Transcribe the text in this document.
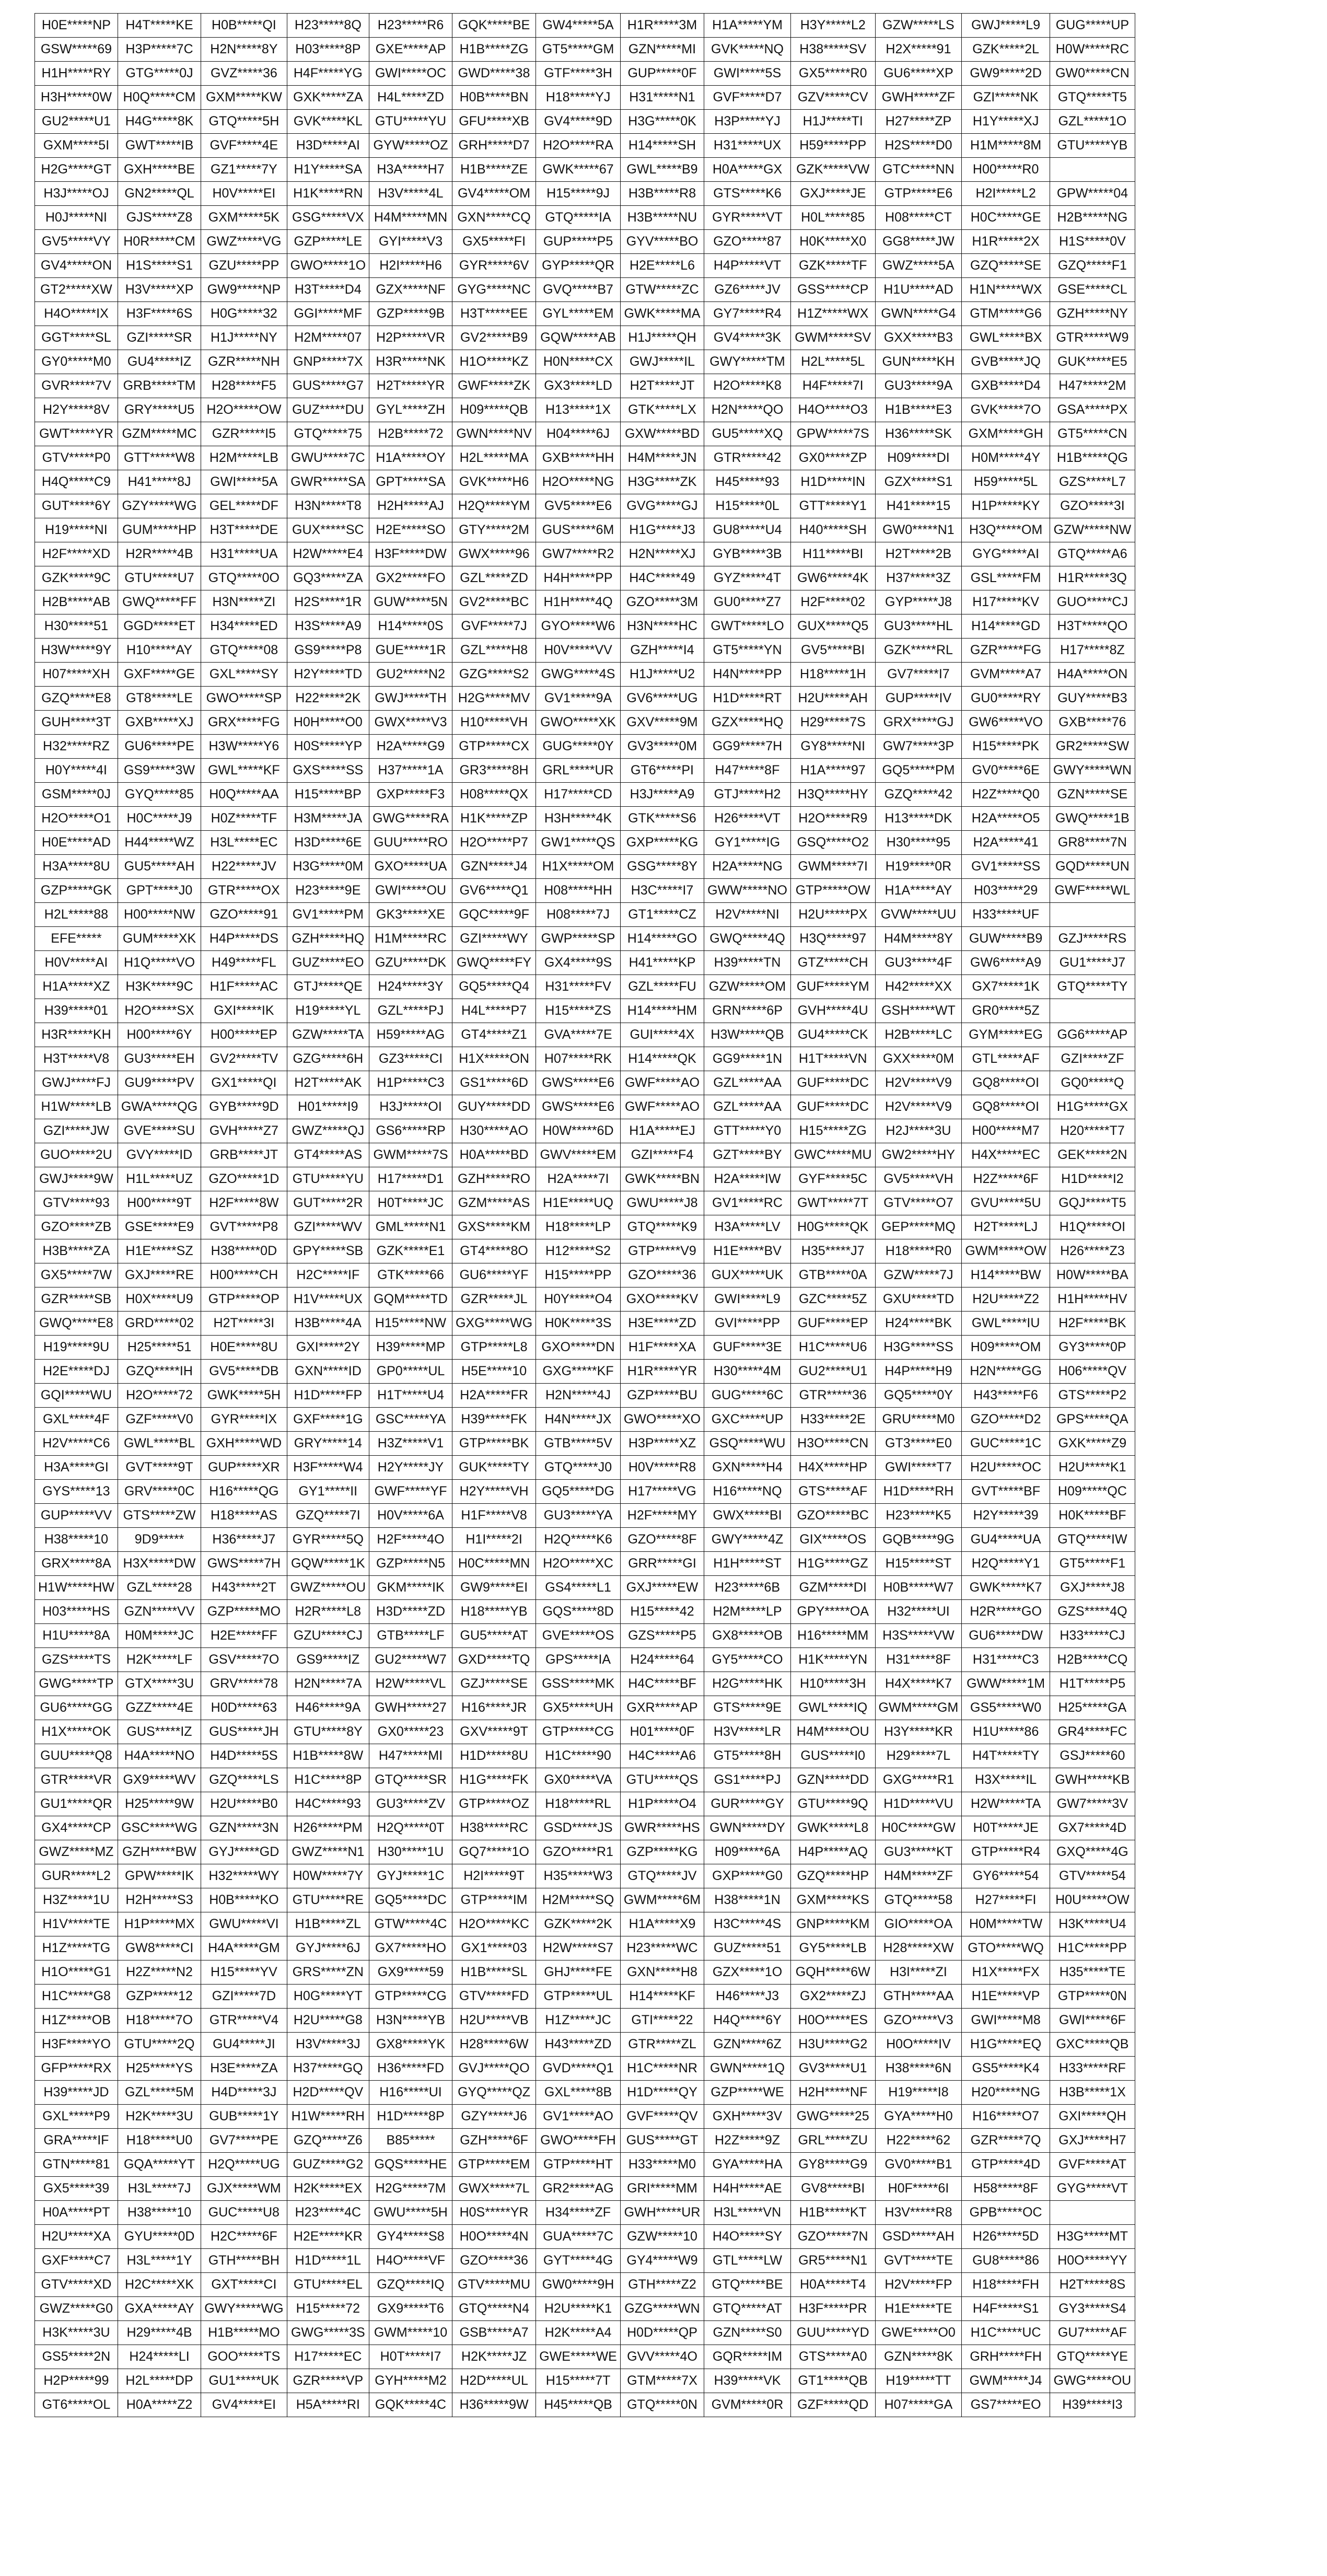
H0E*****NP	H4T*****KE	H0B*****QI	H23*****8Q	H23*****R6	GQK*****BE	GW4*****5A	H1R*****3M	H1A*****YM	H3Y*****L2	GZW*****LS	GWJ*****L9	GUG*****UP
GSW*****69	H3P*****7C	H2N*****8Y	H03*****8P	GXE*****AP	H1B*****ZG	GT5*****GM	GZN*****MI	GVK*****NQ	H38*****SV	H2X*****91	GZK*****2L	H0W*****RC
H1H*****RY	GTG*****0J	GVZ*****36	H4F*****YG	GWI*****OC	GWD*****38	GTF*****3H	GUP*****0F	GWI*****5S	GX5*****R0	GU6*****XP	GW9*****2D	GW0*****CN
H3H*****0W	H0Q*****CM	GXM*****KW	GXK*****ZA	H4L*****ZD	H0B*****BN	H18*****YJ	H31*****N1	GVF*****D7	GZV*****CV	GWH*****ZF	GZI*****NK	GTQ*****T5
GU2*****U1	H4G*****8K	GTQ*****5H	GVK*****KL	GTU*****YU	GFU*****XB	GV4*****9D	H3G*****0K	H3P*****YJ	H1J*****TI	H27*****ZP	H1Y*****XJ	GZL*****1O
GXM*****5I	GWT*****IB	GVF*****4E	H3D*****AI	GYW*****OZ	GRH*****D7	H2O*****RA	H14*****SH	H31*****UX	H59*****PP	H2S*****D0	H1M*****8M	GTU*****YB
H2G*****GT	GXH*****BE	GZ1*****7Y	H1Y*****SA	H3A*****H7	H1B*****ZE	GWK*****67	GWL*****B9	H0A*****GX	GZK*****VW	GTC*****NN	H00*****R0	
H3J*****OJ	GN2*****QL	H0V*****EI	H1K*****RN	H3V*****4L	GV4*****OM	H15*****9J	H3B*****R8	GTS*****K6	GXJ*****JE	GTP*****E6	H2I*****L2	GPW*****04
H0J*****NI	GJS*****Z8	GXM*****5K	GSG*****VX	H4M*****MN	GXN*****CQ	GTQ*****IA	H3B*****NU	GYR*****VT	H0L*****85	H08*****CT	H0C*****GE	H2B*****NG
GV5*****VY	H0R*****CM	GWZ*****VG	GZP*****LE	GYI*****V3	GX5*****FI	GUP*****P5	GYV*****BO	GZO*****87	H0K*****X0	GG8*****JW	H1R*****2X	H1S*****0V
GV4*****ON	H1S*****S1	GZU*****PP	GWO*****1O	H2I*****H6	GYR*****6V	GYP*****QR	H2E*****L6	H4P*****VT	GZK*****TF	GWZ*****5A	GZQ*****SE	GZQ*****F1
GT2*****XW	H3V*****XP	GW9*****NP	H3T*****D4	GZX*****NF	GYG*****NC	GVQ*****B7	GTW*****ZC	GZ6*****JV	GSS*****CP	H1U*****AD	H1N*****WX	GSE*****CL
H4O*****IX	H3F*****6S	H0G*****32	GGI*****MF	GZP*****9B	H3T*****EE	GYL*****EM	GWK*****MA	GY7*****R4	H1Z*****WX	GWN*****G4	GTM*****G6	GZH*****NY
GGT*****SL	GZI*****SR	H1J*****NY	H2M*****07	H2P*****VR	GV2*****B9	GQW*****AB	H1J*****QH	GV4*****3K	GWM*****SV	GXX*****B3	GWL*****BX	GTR*****W9
GY0*****M0	GU4*****IZ	GZR*****NH	GNP*****7X	H3R*****NK	H1O*****KZ	H0N*****CX	GWJ*****IL	GWY*****TM	H2L*****5L	GUN*****KH	GVB*****JQ	GUK*****E5
GVR*****7V	GRB*****TM	H28*****F5	GUS*****G7	H2T*****YR	GWF*****ZK	GX3*****LD	H2T*****JT	H2O*****K8	H4F*****7I	GU3*****9A	GXB*****D4	H47*****2M
H2Y*****8V	GRY*****U5	H2O*****OW	GUZ*****DU	GYL*****ZH	H09*****QB	H13*****1X	GTK*****LX	H2N*****QO	H4O*****O3	H1B*****E3	GVK*****7O	GSA*****PX
GWT*****YR	GZM*****MC	GZR*****I5	GTQ*****75	H2B*****72	GWN*****NV	H04*****6J	GXW*****BD	GU5*****XQ	GPW*****7S	H36*****SK	GXM*****GH	GT5*****CN
GTV*****P0	GTT*****W8	H2M*****LB	GWU*****7C	H1A*****OY	H2L*****MA	GXB*****HH	H4M*****JN	GTR*****42	GX0*****ZP	H09*****DI	H0M*****4Y	H1B*****QG
H4Q*****C9	H41*****8J	GWI*****5A	GWR*****SA	GPT*****SA	GVK*****H6	H2O*****NG	H3G*****ZK	H45*****93	H1D*****IN	GZX*****S1	H59*****5L	GZS*****L7
GUT*****6Y	GZY*****WG	GEL*****DF	H3N*****T8	H2H*****AJ	H2Q*****YM	GV5*****E6	GVG*****GJ	H15*****0L	GTT*****Y1	H41*****15	H1P*****KY	GZO*****3I
H19*****NI	GUM*****HP	H3T*****DE	GUX*****SC	H2E*****SO	GTY*****2M	GUS*****6M	H1G*****J3	GU8*****U4	H40*****SH	GW0*****N1	H3Q*****OM	GZW*****NW
H2F*****XD	H2R*****4B	H31*****UA	H2W*****E4	H3F*****DW	GWX*****96	GW7*****R2	H2N*****XJ	GYB*****3B	H11*****BI	H2T*****2B	GYG*****AI	GTQ*****A6
GZK*****9C	GTU*****U7	GTQ*****0O	GQ3*****ZA	GX2*****FO	GZL*****ZD	H4H*****PP	H4C*****49	GYZ*****4T	GW6*****4K	H37*****3Z	GSL*****FM	H1R*****3Q
H2B*****AB	GWQ*****FF	H3N*****ZI	H2S*****1R	GUW*****5N	GV2*****BC	H1H*****4Q	GZO*****3M	GU0*****Z7	H2F*****02	GYP*****J8	H17*****KV	GUO*****CJ
H30*****51	GGD*****ET	H34*****ED	H3S*****A9	H14*****0S	GVF*****7J	GYO*****W6	H3N*****HC	GWT*****LO	GUX*****Q5	GU3*****HL	H14*****GD	H3T*****QO
H3W*****9Y	H10*****AY	GTQ*****08	GS9*****P8	GUE*****1R	GZL*****H8	H0V*****VV	GZH*****I4	GT5*****YN	GV5*****BI	GZK*****RL	GZR*****FG	H17*****8Z
H07*****XH	GXF*****GE	GXL*****SY	H2Y*****TD	GU2*****N2	GZG*****S2	GWG*****4S	H1J*****U2	H4N*****PP	H18*****1H	GV7*****I7	GVM*****A7	H4A*****ON
GZQ*****E8	GT8*****LE	GWO*****SP	H22*****2K	GWJ*****TH	H2G*****MV	GV1*****9A	GV6*****UG	H1D*****RT	H2U*****AH	GUP*****IV	GU0*****RY	GUY*****B3
GUH*****3T	GXB*****XJ	GRX*****FG	H0H*****O0	GWX*****V3	H10*****VH	GWO*****XK	GXV*****9M	GZX*****HQ	H29*****7S	GRX*****GJ	GW6*****VO	GXB*****76
H32*****RZ	GU6*****PE	H3W*****Y6	H0S*****YP	H2A*****G9	GTP*****CX	GUG*****0Y	GV3*****0M	GG9*****7H	GY8*****NI	GW7*****3P	H15*****PK	GR2*****SW
H0Y*****4I	GS9*****3W	GWL*****KF	GXS*****SS	H37*****1A	GR3*****8H	GRL*****UR	GT6*****PI	H47*****8F	H1A*****97	GQ5*****PM	GV0*****6E	GWY*****WN
GSM*****0J	GYQ*****85	H0Q*****AA	H15*****BP	GXP*****F3	H08*****QX	H17*****CD	H3J*****A9	GTJ*****H2	H3Q*****HY	GZQ*****42	H2Z*****Q0	GZN*****SE
H2O*****O1	H0C*****J9	H0Z*****TF	H3M*****JA	GWG*****RA	H1K*****ZP	H3H*****4K	GTK*****S6	H26*****VT	H2O*****R9	H13*****DK	H2A*****O5	GWQ*****1B
H0E*****AD	H44*****WZ	H3L*****EC	H3D*****6E	GUU*****RO	H2O*****P7	GW1*****QS	GXP*****KG	GY1*****IG	GSQ*****O2	H30*****95	H2A*****41	GR8*****7N
H3A*****8U	GU5*****AH	H22*****JV	H3G*****0M	GXO*****UA	GZN*****J4	H1X*****OM	GSG*****8Y	H2A*****NG	GWM*****7I	H19*****0R	GV1*****SS	GQD*****UN
GZP*****GK	GPT*****J0	GTR*****OX	H23*****9E	GWI*****OU	GV6*****Q1	H08*****HH	H3C*****I7	GWW*****NO	GTP*****OW	H1A*****AY	H03*****29	GWF*****WL
H2L*****88	H00*****NW	GZO*****91	GV1*****PM	GK3*****XE	GQC*****9F	H08*****7J	GT1*****CZ	H2V*****NI	H2U*****PX	GVW*****UU	H33*****UF	
EFE*****	GUM*****XK	H4P*****DS	GZH*****HQ	H1M*****RC	GZI*****WY	GWP*****SP	H14*****GO	GWQ*****4Q	H3Q*****97	H4M*****8Y	GUW*****B9	GZJ*****RS
H0V*****AI	H1Q*****VO	H49*****FL	GUZ*****EO	GZU*****DK	GWQ*****FY	GX4*****9S	H41*****KP	H39*****TN	GTZ*****CH	GU3*****4F	GW6*****A9	GU1*****J7
H1A*****XZ	H3K*****9C	H1F*****AC	GTJ*****QE	H24*****3Y	GQ5*****Q4	H31*****FV	GZL*****FU	GZW*****OM	GUF*****YM	H42*****XX	GX7*****1K	GTQ*****TY
H39*****01	H2O*****SX	GXI*****IK	H19*****YL	GZL*****PJ	H4L*****P7	H15*****ZS	H14*****HM	GRN*****6P	GVH*****4U	GSH*****WT	GR0*****5Z	
H3R*****KH	H00*****6Y	H00*****EP	GZW*****TA	H59*****AG	GT4*****Z1	GVA*****7E	GUI*****4X	H3W*****QB	GU4*****CK	H2B*****LC	GYM*****EG	GG6*****AP
H3T*****V8	GU3*****EH	GV2*****TV	GZG*****6H	GZ3*****CI	H1X*****ON	H07*****RK	H14*****QK	GG9*****1N	H1T*****VN	GXX*****0M	GTL*****AF	GZI*****ZF
GWJ*****FJ	GU9*****PV	GX1*****QI	H2T*****AK	H1P*****C3	GS1*****6D	GWS*****E6	GWF*****AO	GZL*****AA	GUF*****DC	H2V*****V9	GQ8*****OI	GQ0*****Q
H1W*****LB	GWA*****QG	GYB*****9D	H01*****I9	H3J*****OI	GUY*****DD	GWS*****E6	GWF*****AO	GZL*****AA	GUF*****DC	H2V*****V9	GQ8*****OI	H1G*****GX
GZI*****JW	GVE*****SU	GVH*****Z7	GWZ*****QJ	GS6*****RP	H30*****AO	H0W*****6D	H1A*****EJ	GTT*****Y0	H15*****ZG	H2J*****3U	H00*****M7	H20*****T7
GUO*****2U	GVY*****ID	GRB*****JT	GT4*****AS	GWM*****7S	H0A*****BD	GWV*****EM	GZI*****F4	GZT*****BY	GWC*****MU	GW2*****HY	H4X*****EC	GEK*****2N
GWJ*****9W	H1L*****UZ	GZO*****1D	GTU*****YU	H17*****D1	GZH*****RO	H2A*****7I	GWK*****BN	H2A*****IW	GYF*****5C	GV5*****VH	H2Z*****6F	H1D*****I2
GTV*****93	H00*****9T	H2F*****8W	GUT*****2R	H0T*****JC	GZM*****AS	H1E*****UQ	GWU*****J8	GV1*****RC	GWT*****7T	GTV*****O7	GVU*****5U	GQJ*****T5
GZO*****ZB	GSE*****E9	GVT*****P8	GZI*****WV	GML*****N1	GXS*****KM	H18*****LP	GTQ*****K9	H3A*****LV	H0G*****QK	GEP*****MQ	H2T*****LJ	H1Q*****OI
H3B*****ZA	H1E*****SZ	H38*****0D	GPY*****SB	GZK*****E1	GT4*****8O	H12*****S2	GTP*****V9	H1E*****BV	H35*****J7	H18*****R0	GWM*****OW	H26*****Z3
GX5*****7W	GXJ*****RE	H00*****CH	H2C*****IF	GTK*****66	GU6*****YF	H15*****PP	GZO*****36	GUX*****UK	GTB*****0A	GZW*****7J	H14*****BW	H0W*****BA
GZR*****SB	H0X*****U9	GTP*****OP	H1V*****UX	GQM*****TD	GZR*****JL	H0Y*****O4	GXO*****KV	GWI*****L9	GZC*****5Z	GXU*****TD	H2U*****Z2	H1H*****HV
GWQ*****E8	GRD*****02	H2T*****3I	H3B*****4A	H15*****NW	GXG*****WG	H0K*****3S	H3E*****ZD	GVI*****PP	GUF*****EP	H24*****BK	GWL*****IU	H2F*****BK
H19*****9U	H25*****51	H0E*****8U	GXI*****2Y	H39*****MP	GTP*****L8	GXO*****DN	H1F*****XA	GUF*****3E	H1C*****U6	H3G*****SS	H09*****OM	GY3*****0P
H2E*****DJ	GZQ*****IH	GV5*****DB	GXN*****ID	GP0*****UL	H5E*****10	GXG*****KF	H1R*****YR	H30*****4M	GU2*****U1	H4P*****H9	H2N*****GG	H06*****QV
GQI*****WU	H2O*****72	GWK*****5H	H1D*****FP	H1T*****U4	H2A*****FR	H2N*****4J	GZP*****BU	GUG*****6C	GTR*****36	GQ5*****0Y	H43*****F6	GTS*****P2
GXL*****4F	GZF*****V0	GYR*****IX	GXF*****1G	GSC*****YA	H39*****FK	H4N*****JX	GWO*****XO	GXC*****UP	H33*****2E	GRU*****M0	GZO*****D2	GPS*****QA
H2V*****C6	GWL*****BL	GXH*****WD	GRY*****14	H3Z*****V1	GTP*****BK	GTB*****5V	H3P*****XZ	GSQ*****WU	H3O*****CN	GT3*****E0	GUC*****1C	GXK*****Z9
H3A*****GI	GVT*****9T	GUP*****XR	H3F*****W4	H2Y*****JY	GUK*****TY	GTQ*****J0	H0V*****R8	GXN*****H4	H4X*****HP	GWI*****T7	H2U*****OC	H2U*****K1
GYS*****13	GRV*****0C	H16*****QG	GY1*****II	GWF*****YF	H2Y*****VH	GQ5*****DG	H17*****VG	H16*****NQ	GTS*****AF	H1D*****RH	GVT*****BF	H09*****QC
GUP*****VV	GTS*****ZW	H18*****AS	GZQ*****7I	H0V*****6A	H1F*****V8	GU3*****YA	H2F*****MY	GWX*****BI	GZO*****BC	H23*****K5	H2Y*****39	H0K*****BF
H38*****10	9D9*****	H36*****J7	GYR*****5Q	H2F*****4O	H1I*****2I	H2Q*****K6	GZO*****8F	GWY*****4Z	GIX*****OS	GQB*****9G	GU4*****UA	GTQ*****IW
GRX*****8A	H3X*****DW	GWS*****7H	GQW*****1K	GZP*****N5	H0C*****MN	H2O*****XC	GRR*****GI	H1H*****ST	H1G*****GZ	H15*****ST	H2Q*****Y1	GT5*****F1
H1W*****HW	GZL*****28	H43*****2T	GWZ*****OU	GKM*****IK	GW9*****EI	GS4*****L1	GXJ*****EW	H23*****6B	GZM*****DI	H0B*****W7	GWK*****K7	GXJ*****J8
H03*****HS	GZN*****VV	GZP*****MO	H2R*****L8	H3D*****ZD	H18*****YB	GQS*****8D	H15*****42	H2M*****LP	GPY*****OA	H32*****UI	H2R*****GO	GZS*****4Q
H1U*****8A	H0M*****JC	H2E*****FF	GZU*****CJ	GTB*****LF	GU5*****AT	GVE*****OS	GZS*****P5	GX8*****OB	H16*****MM	H3S*****VW	GU6*****DW	H33*****CJ
GZS*****TS	H2K*****LF	GSV*****7O	GS9*****IZ	GU2*****W7	GXD*****TQ	GPS*****IA	H24*****64	GY5*****CO	H1K*****YN	H31*****8F	H31*****C3	H2B*****CQ
GWG*****TP	GTX*****3U	GRV*****78	H2N*****7A	H2W*****VL	GZJ*****SE	GSS*****MK	H4C*****BF	H2G*****HK	H10*****3H	H4X*****K7	GWW*****1M	H1T*****P5
GU6*****GG	GZZ*****4E	H0D*****63	H46*****9A	GWH*****27	H16*****JR	GX5*****UH	GXR*****AP	GTS*****9E	GWL*****IQ	GWM*****GM	GS5*****W0	H25*****GA
H1X*****OK	GUS*****IZ	GUS*****JH	GTU*****8Y	GX0*****23	GXV*****9T	GTP*****CG	H01*****0F	H3V*****LR	H4M*****OU	H3Y*****KR	H1U*****86	GR4*****FC
GUU*****Q8	H4A*****NO	H4D*****5S	H1B*****8W	H47*****MI	H1D*****8U	H1C*****90	H4C*****A6	GT5*****8H	GUS*****I0	H29*****7L	H4T*****TY	GSJ*****60
GTR*****VR	GX9*****WV	GZQ*****LS	H1C*****8P	GTQ*****SR	H1G*****FK	GX0*****VA	GTU*****QS	GS1*****PJ	GZN*****DD	GXG*****R1	H3X*****IL	GWH*****KB
GU1*****QR	H25*****9W	H2U*****B0	H4C*****93	GU3*****ZV	GTP*****OZ	H18*****RL	H1P*****O4	GUR*****GY	GTU*****9Q	H1D*****VU	H2W*****TA	GW7*****3V
GX4*****CP	GSC*****WG	GZN*****3N	H26*****PM	H2Q*****0T	H38*****RC	GSD*****JS	GWR*****HS	GWN*****DY	GWK*****L8	H0C*****GW	H0T*****JE	GX7*****4D
GWZ*****MZ	GZH*****BW	GYJ*****GD	GWZ*****N1	H30*****1U	GQ7*****1O	GZO*****R1	GZP*****KG	H09*****6A	H4P*****AQ	GU3*****KT	GTP*****R4	GXQ*****4G
GUR*****L2	GPW*****IK	H32*****WY	H0W*****7Y	GYJ*****1C	H2I*****9T	H35*****W3	GTQ*****JV	GXP*****G0	GZQ*****HP	H4M*****ZF	GY6*****54	GTV*****54
H3Z*****1U	H2H*****S3	H0B*****KO	GTU*****RE	GQ5*****DC	GTP*****IM	H2M*****SQ	GWM*****6M	H38*****1N	GXM*****KS	GTQ*****58	H27*****FI	H0U*****OW
H1V*****TE	H1P*****MX	GWU*****VI	H1B*****ZL	GTW*****4C	H2O*****KC	GZK*****2K	H1A*****X9	H3C*****4S	GNP*****KM	GIO*****OA	H0M*****TW	H3K*****U4
H1Z*****TG	GW8*****CI	H4A*****GM	GYJ*****6J	GX7*****HO	GX1*****03	H2W*****S7	H23*****WC	GUZ*****51	GY5*****LB	H28*****XW	GTO*****WQ	H1C*****PP
H1O*****G1	H2Z*****N2	H15*****YV	GRS*****ZN	GX9*****59	H1B*****SL	GHJ*****FE	GXN*****H8	GZX*****1O	GQH*****6W	H3I*****ZI	H1X*****FX	H35*****TE
H1C*****G8	GZP*****12	GZI*****7D	H0G*****YT	GTP*****CG	GTV*****FD	GTP*****UL	H14*****KF	H46*****J3	GX2*****ZJ	GTH*****AA	H1E*****VP	GTP*****0N
H1Z*****OB	H18*****7O	GTR*****V4	H2U*****G8	H3N*****YB	H2U*****VB	H1Z*****JC	GTI*****22	H4Q*****6Y	H0O*****ES	GZO*****V3	GWI*****M8	GWI*****6F
H3F*****YO	GTU*****2Q	GU4*****JI	H3V*****3J	GX8*****YK	H28*****6W	H43*****ZD	GTR*****ZL	GZN*****6Z	H3U*****G2	H0O*****IV	H1G*****EQ	GXC*****QB
GFP*****RX	H25*****YS	H3E*****ZA	H37*****GQ	H36*****FD	GVJ*****QO	GVD*****Q1	H1C*****NR	GWN*****1Q	GV3*****U1	H38*****6N	GS5*****K4	H33*****RF
H39*****JD	GZL*****5M	H4D*****3J	H2D*****QV	H16*****UI	GYQ*****QZ	GXL*****8B	H1D*****QY	GZP*****WE	H2H*****NF	H19*****I8	H20*****NG	H3B*****1X
GXL*****P9	H2K*****3U	GUB*****1Y	H1W*****RH	H1D*****8P	GZY*****J6	GV1*****AO	GVF*****QV	GXH*****3V	GWG*****25	GYA*****H0	H16*****O7	GXI*****QH
GRA*****IF	H18*****U0	GV7*****PE	GZQ*****Z6	B85*****	GZH*****6F	GWO*****FH	GUS*****GT	H2Z*****9Z	GRL*****ZU	H22*****62	GZR*****7Q	GXJ*****H7
GTN*****81	GQA*****YT	H2Q*****UG	GUZ*****G2	GQS*****HE	GTP*****EM	GTP*****HT	H33*****M0	GYA*****HA	GY8*****G9	GV0*****B1	GTP*****4D	GVF*****AT
GX5*****39	H3L*****7J	GJX*****WM	H2K*****EX	H2G*****7M	GWX*****7L	GR2*****AG	GRI*****MM	H4H*****AE	GV8*****BI	H0F*****6I	H58*****8F	GYG*****VT
H0A*****PT	H38*****10	GUC*****U8	H23*****4C	GWU*****5H	H0S*****YR	H34*****ZF	GWH*****UR	H3L*****VN	H1B*****KT	H3V*****R8	GPB*****OC	
H2U*****XA	GYU*****0D	H2C*****6F	H2E*****KR	GY4*****S8	H0O*****4N	GUA*****7C	GZW*****10	H4O*****SY	GZO*****7N	GSD*****AH	H26*****5D	H3G*****MT
GXF*****C7	H3L*****1Y	GTH*****BH	H1D*****1L	H4O*****VF	GZO*****36	GYT*****4G	GY4*****W9	GTL*****LW	GR5*****N1	GVT*****TE	GU8*****86	H0O*****YY
GTV*****XD	H2C*****XK	GXT*****CI	GTU*****EL	GZQ*****IQ	GTV*****MU	GW0*****9H	GTH*****Z2	GTQ*****BE	H0A*****T4	H2V*****FP	H18*****FH	H2T*****8S
GWZ*****G0	GXA*****AY	GWY*****WG	H15*****72	GX9*****T6	GTQ*****N4	H2U*****K1	GZG*****WN	GTQ*****AT	H3F*****PR	H1E*****TE	H4F*****S1	GY3*****S4
H3K*****3U	H29*****4B	H1B*****MO	GWG*****3S	GWM*****10	GSB*****A7	H2K*****A4	H0D*****QP	GZN*****S0	GUU*****YD	GWE*****O0	H1C*****UC	GU7*****AF
GS5*****2N	H24*****LI	GOO*****TS	H17*****EC	H0T*****I7	H2K*****JZ	GWE*****WE	GVV*****4O	GQR*****IM	GTS*****A0	GZN*****8K	GRH*****FH	GTQ*****YE
H2P*****99	H2L*****DP	GU1*****UK	GZR*****VP	GYH*****M2	H2D*****UL	H15*****7T	GTM*****7X	H39*****VK	GT1*****QB	H19*****TT	GWM*****J4	GWG*****OU
GT6*****OL	H0A*****Z2	GV4*****EI	H5A*****RI	GQK*****4C	H36*****9W	H45*****QB	GTQ*****0N	GVM*****0R	GZF*****QD	H07*****GA	GS7*****EO	H39*****I3
